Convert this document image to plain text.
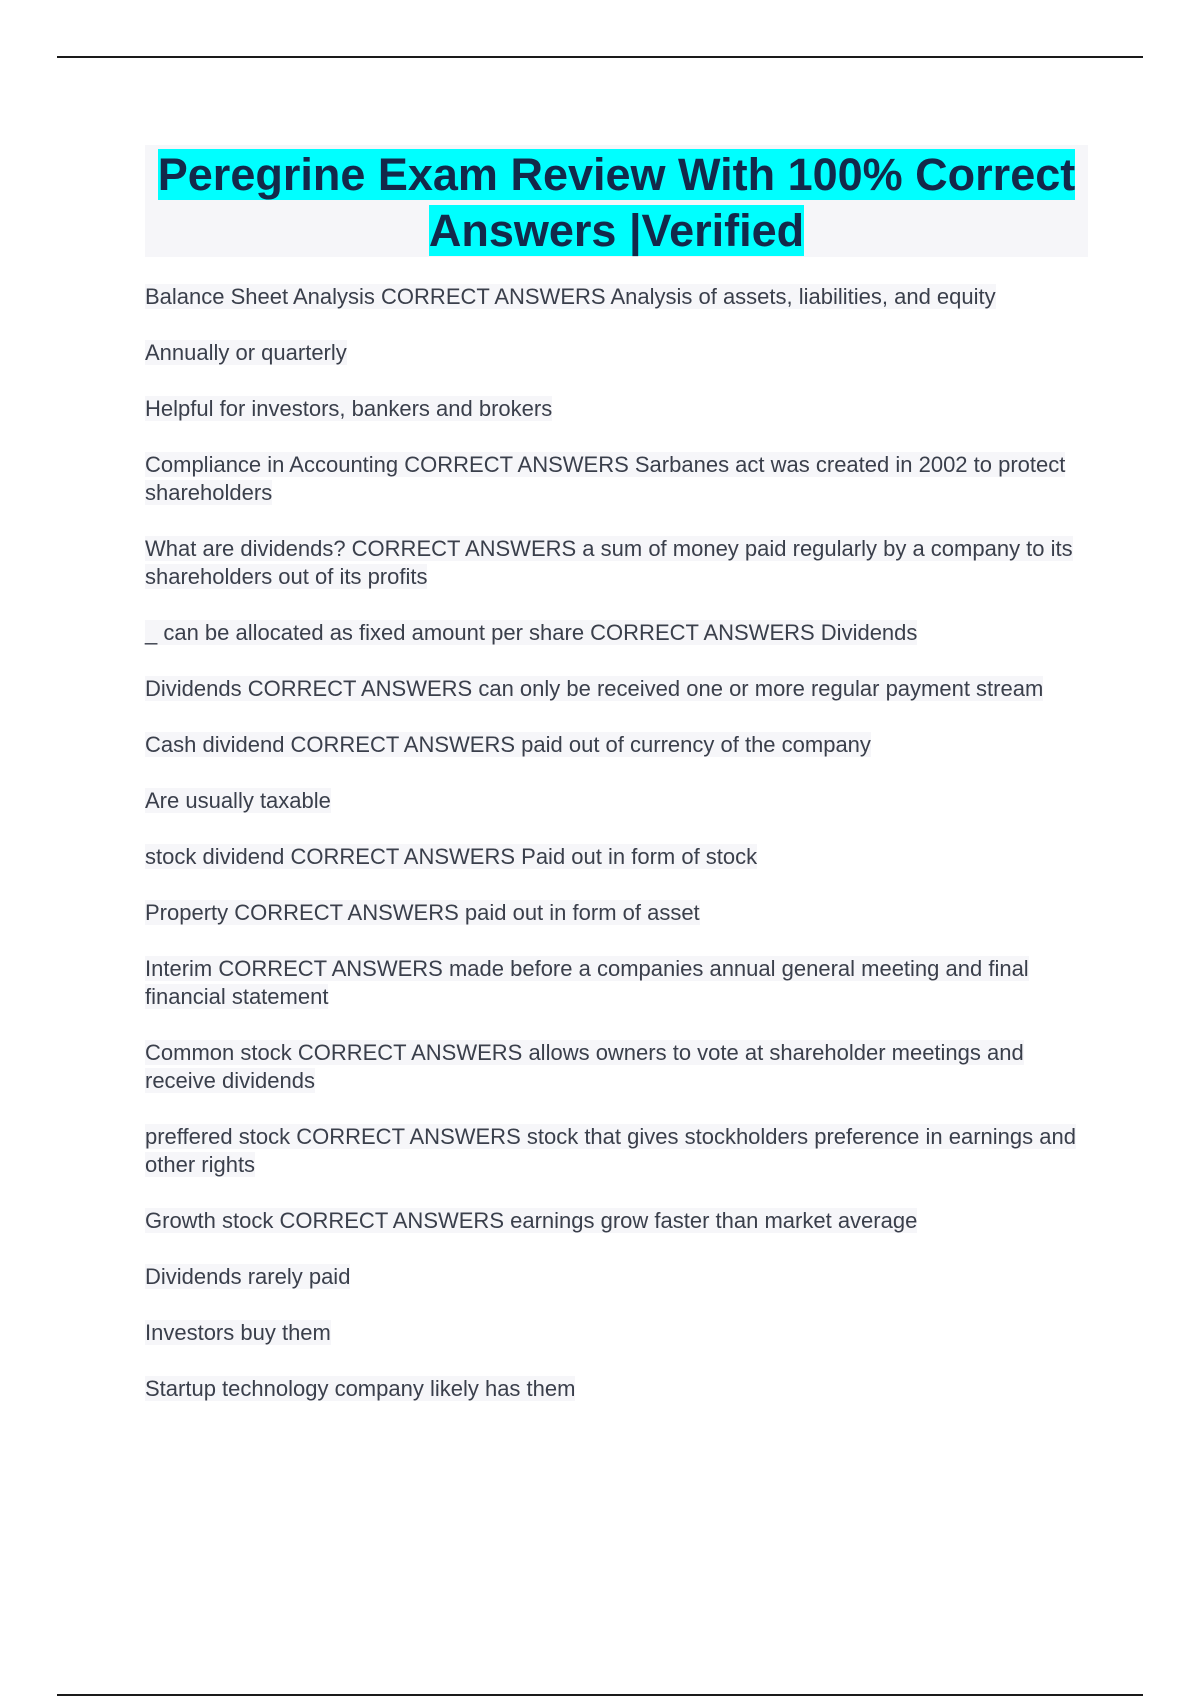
Peregrine Exam Review With 100% Correct Answers |Verified

Balance Sheet Analysis CORRECT ANSWERS Analysis of assets, liabilities, and equity

Annually or quarterly

Helpful for investors, bankers and brokers

Compliance in Accounting CORRECT ANSWERS Sarbanes act was created in 2002 to protect shareholders

What are dividends? CORRECT ANSWERS a sum of money paid regularly by a company to its shareholders out of its profits

_ can be allocated as fixed amount per share CORRECT ANSWERS Dividends

Dividends CORRECT ANSWERS can only be received one or more regular payment stream

Cash dividend CORRECT ANSWERS paid out of currency of the company

Are usually taxable

stock dividend CORRECT ANSWERS Paid out in form of stock

Property CORRECT ANSWERS paid out in form of asset

Interim CORRECT ANSWERS made before a companies annual general meeting and final financial statement

Common stock CORRECT ANSWERS allows owners to vote at shareholder meetings and receive dividends

preffered stock CORRECT ANSWERS stock that gives stockholders preference in earnings and other rights

Growth stock CORRECT ANSWERS earnings grow faster than market average

Dividends rarely paid

Investors buy them

Startup technology company likely has them
